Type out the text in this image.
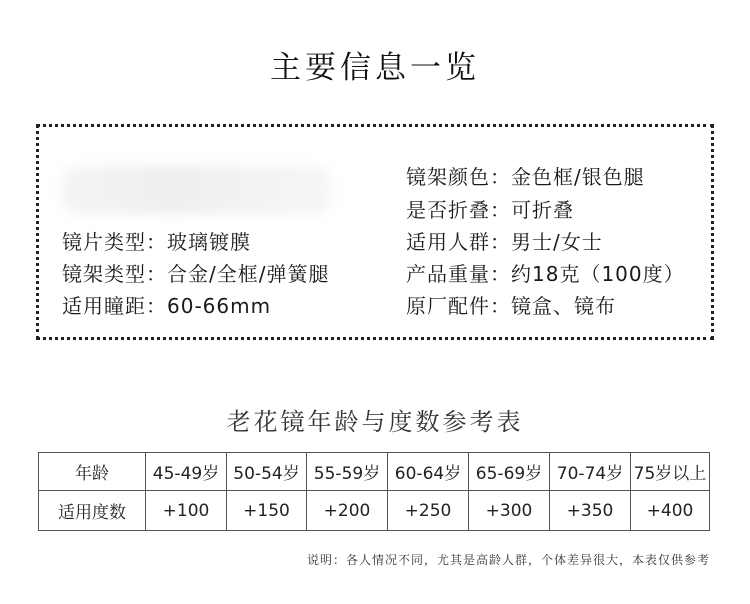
主要信息一览
镜片类型：玻璃镀膜
镜架类型：合金/全框/弹簧腿
适用瞳距：60-66mm
镜架颜色：金色框/银色腿
是否折叠：可折叠
适用人群：男士/女士
产品重量：约18克（100度）
原厂配件：镜盒、镜布
老花镜年龄与度数参考表
年龄	45-49岁	50-54岁	55-59岁	60-64岁	65-69岁	70-74岁	75岁以上
适用度数	+100	+150	+200	+250	+300	+350	+400
说明：各人情况不同，尤其是高龄人群，个体差异很大，本表仅供参考
